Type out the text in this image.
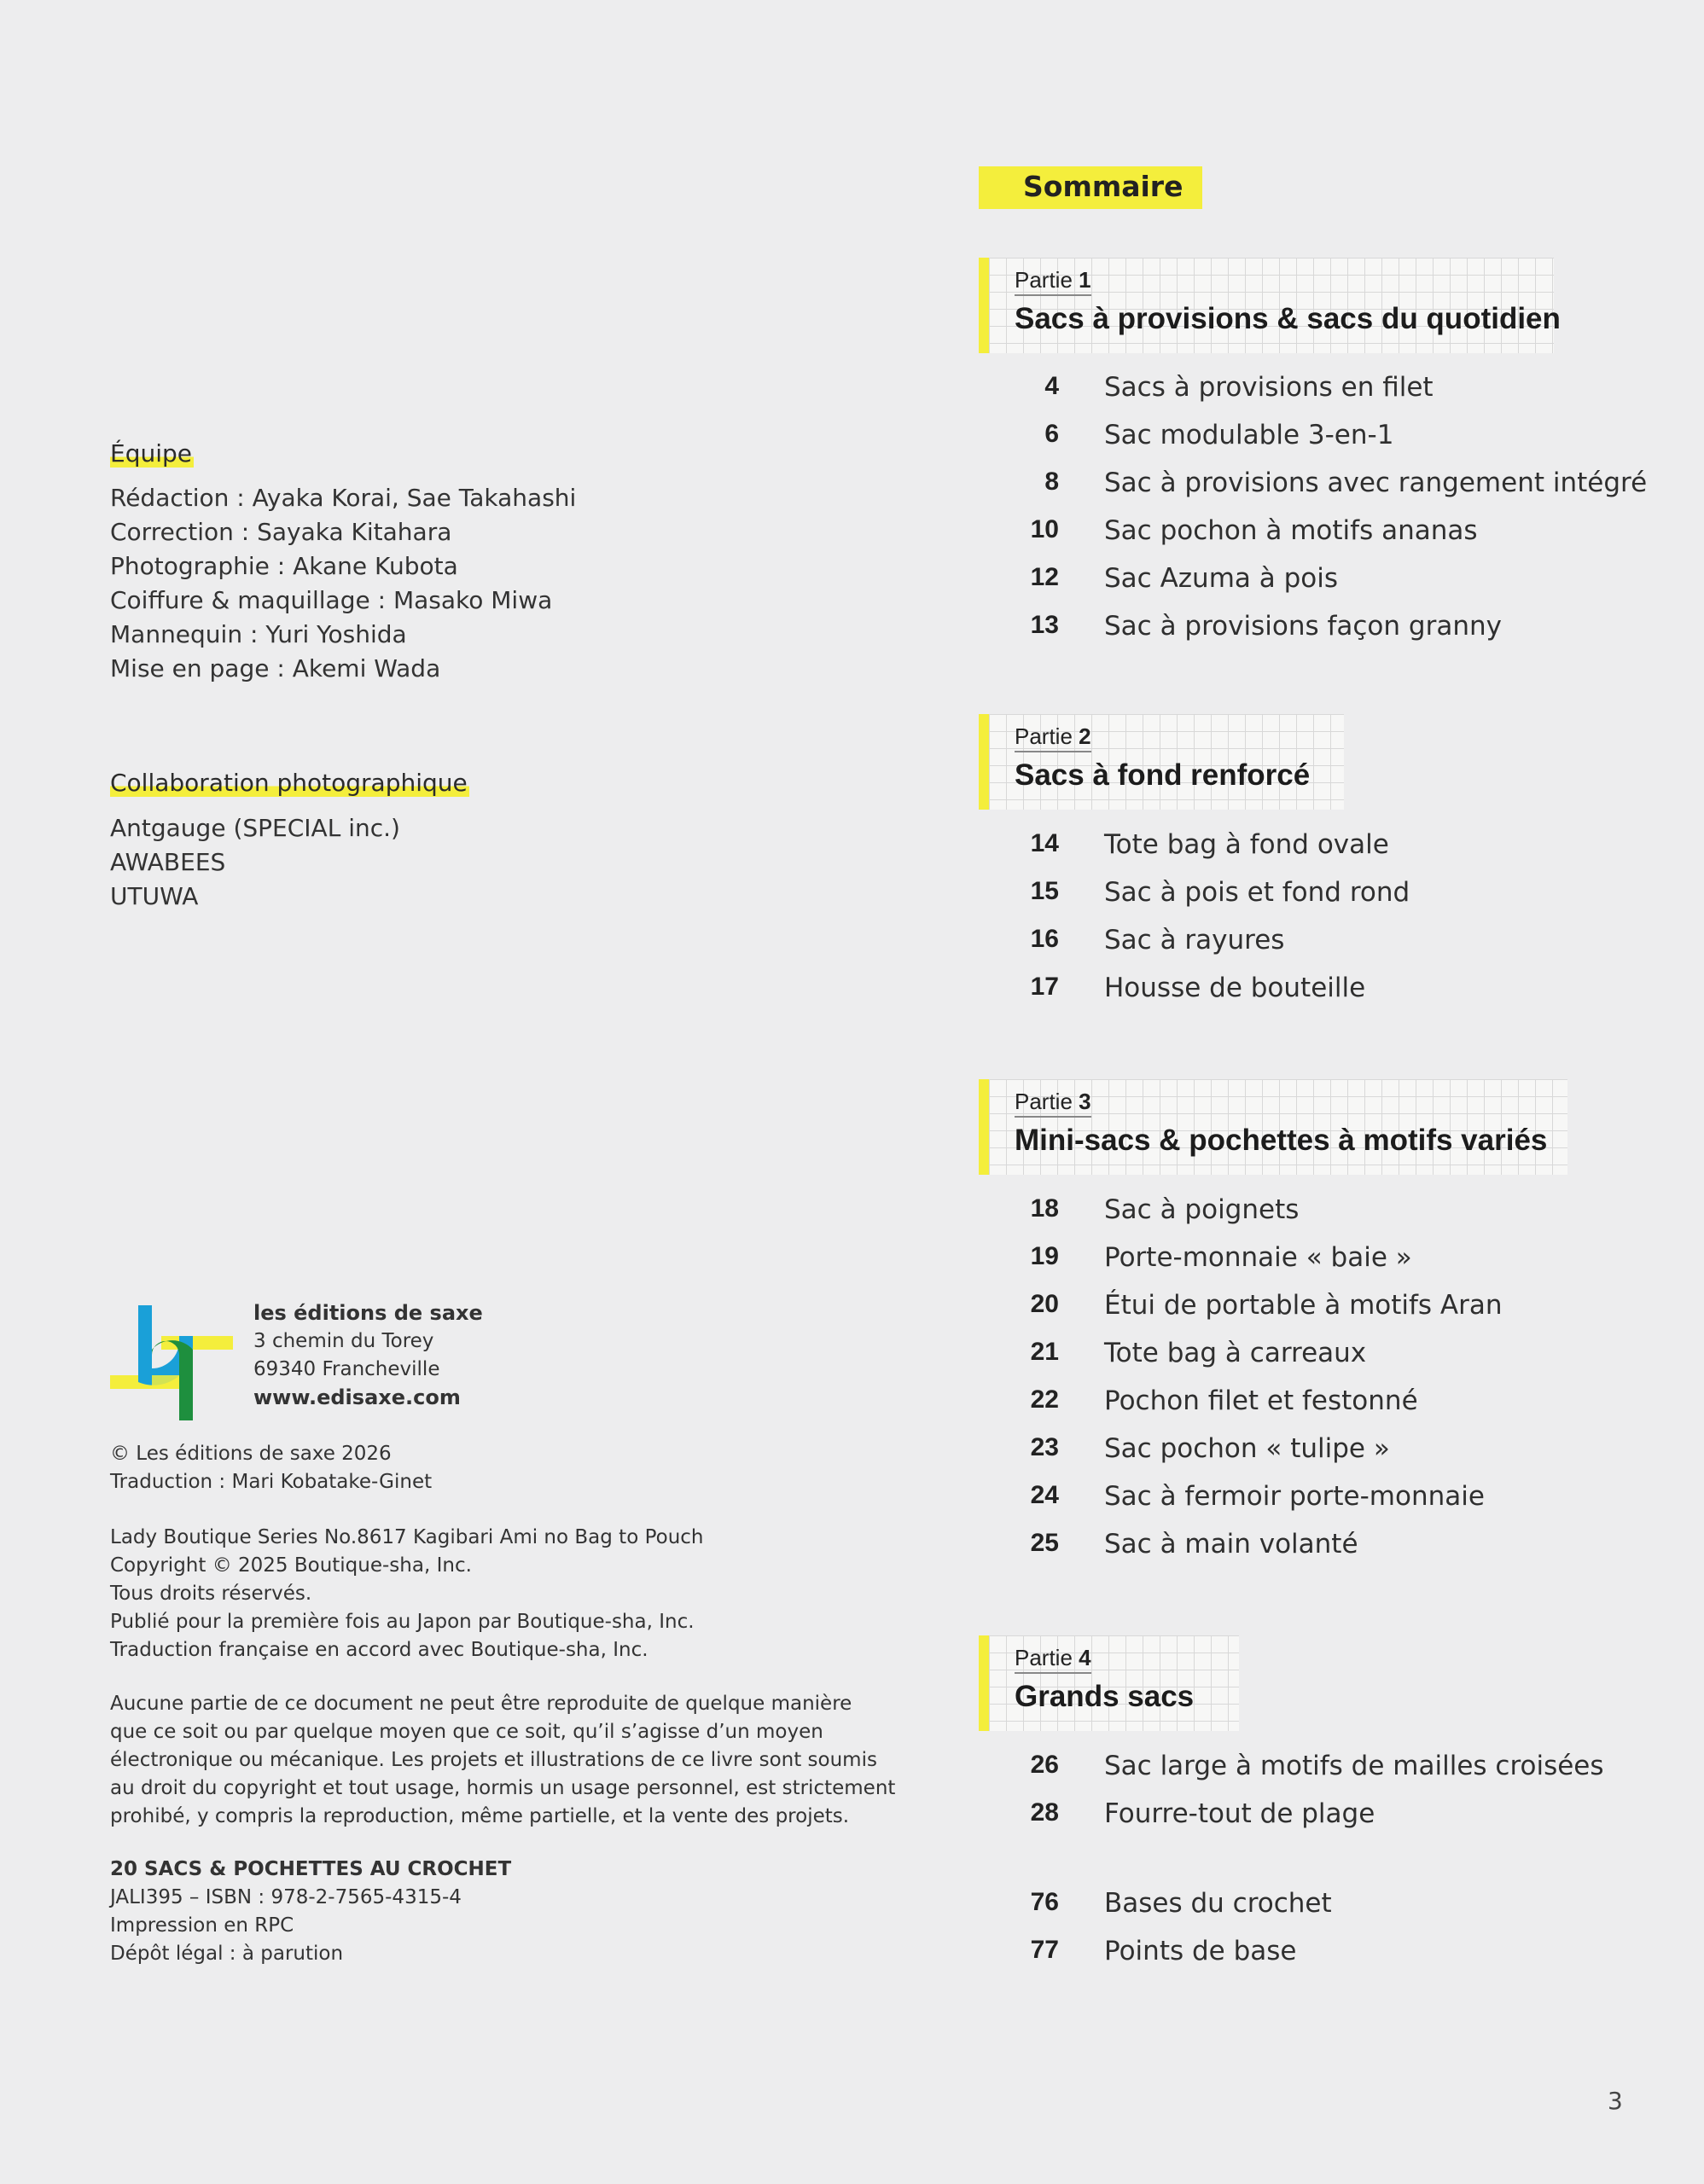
Équipe
Rédaction : Ayaka Korai, Sae Takahashi
Correction : Sayaka Kitahara
Photographie : Akane Kubota
Coiffure & maquillage : Masako Miwa
Mannequin : Yuri Yoshida
Mise en page : Akemi Wada
Collaboration photographique
Antgauge (SPECIAL inc.)
AWABEES
UTUWA
les éditions de saxe
3 chemin du Torey
69340 Francheville
www.edisaxe.com
© Les éditions de saxe 2026
Traduction : Mari Kobatake-Ginet
Lady Boutique Series No.8617 Kagibari Ami no Bag to Pouch
Copyright © 2025 Boutique-sha, Inc.
Tous droits réservés.
Publié pour la première fois au Japon par Boutique-sha, Inc.
Traduction française en accord avec Boutique-sha, Inc.
Aucune partie de ce document ne peut être reproduite de quelque manière
que ce soit ou par quelque moyen que ce soit, qu’il s’agisse d’un moyen
électronique ou mécanique. Les projets et illustrations de ce livre sont soumis
au droit du copyright et tout usage, hormis un usage personnel, est strictement
prohibé, y compris la reproduction, même partielle, et la vente des projets.
20 SACS & POCHETTES AU CROCHET
JALI395 – ISBN : 978-2-7565-4315-4
Impression en RPC
Dépôt légal : à parution
Sommaire
Partie 1
Sacs à provisions & sacs du quotidien
4 Sacs à provisions en filet
6 Sac modulable 3-en-1
8 Sac à provisions avec rangement intégré
10 Sac pochon à motifs ananas
12 Sac Azuma à pois
13 Sac à provisions façon granny
Partie 2
Sacs à fond renforcé
14 Tote bag à fond ovale
15 Sac à pois et fond rond
16 Sac à rayures
17 Housse de bouteille
Partie 3
Mini-sacs & pochettes à motifs variés
18 Sac à poignets
19 Porte-monnaie « baie »
20 Étui de portable à motifs Aran
21 Tote bag à carreaux
22 Pochon filet et festonné
23 Sac pochon « tulipe »
24 Sac à fermoir porte-monnaie
25 Sac à main volanté
Partie 4
Grands sacs
26 Sac large à motifs de mailles croisées
28 Fourre-tout de plage
76 Bases du crochet
77 Points de base
3
